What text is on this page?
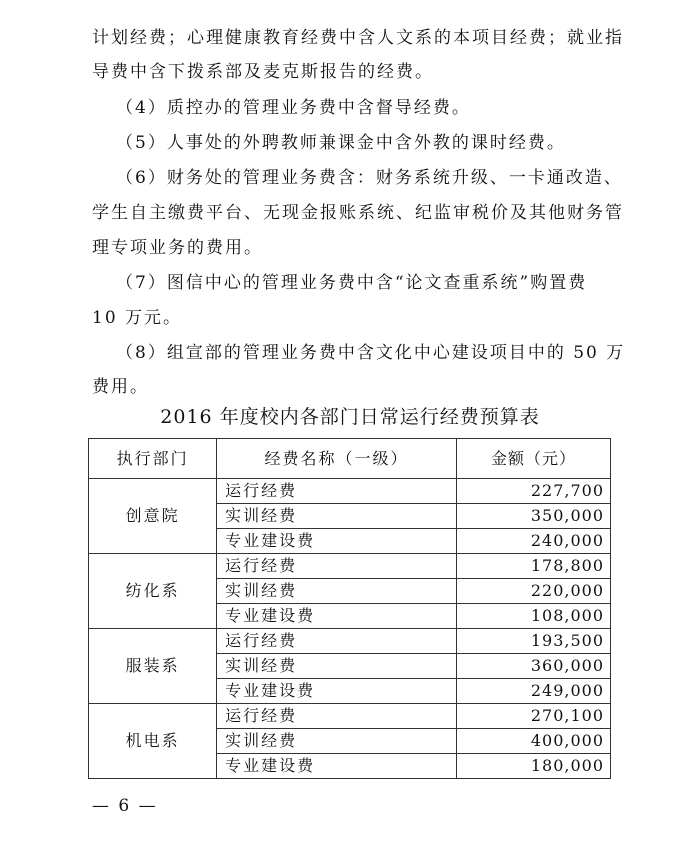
计划经费；心理健康教育经费中含人文系的本项目经费；就业指
导费中含下拨系部及麦克斯报告的经费。
（4）质控办的管理业务费中含督导经费。
（5）人事处的外聘教师兼课金中含外教的课时经费。
（6）财务处的管理业务费含：财务系统升级、一卡通改造、
学生自主缴费平台、无现金报账系统、纪监审税价及其他财务管
理专项业务的费用。
（7）图信中心的管理业务费中含“论文查重系统”购置费
10 万元。
（8）组宣部的管理业务费中含文化中心建设项目中的 50 万
费用。
2016 年度校内各部门日常运行经费预算表
执行部门	经费名称（一级）	金额（元）
创意院	运行经费	227,700
	实训经费	350,000
	专业建设费	240,000
纺化系	运行经费	178,800
	实训经费	220,000
	专业建设费	108,000
服装系	运行经费	193,500
	实训经费	360,000
	专业建设费	249,000
机电系	运行经费	270,100
	实训经费	400,000
	专业建设费	180,000
— 6 —
